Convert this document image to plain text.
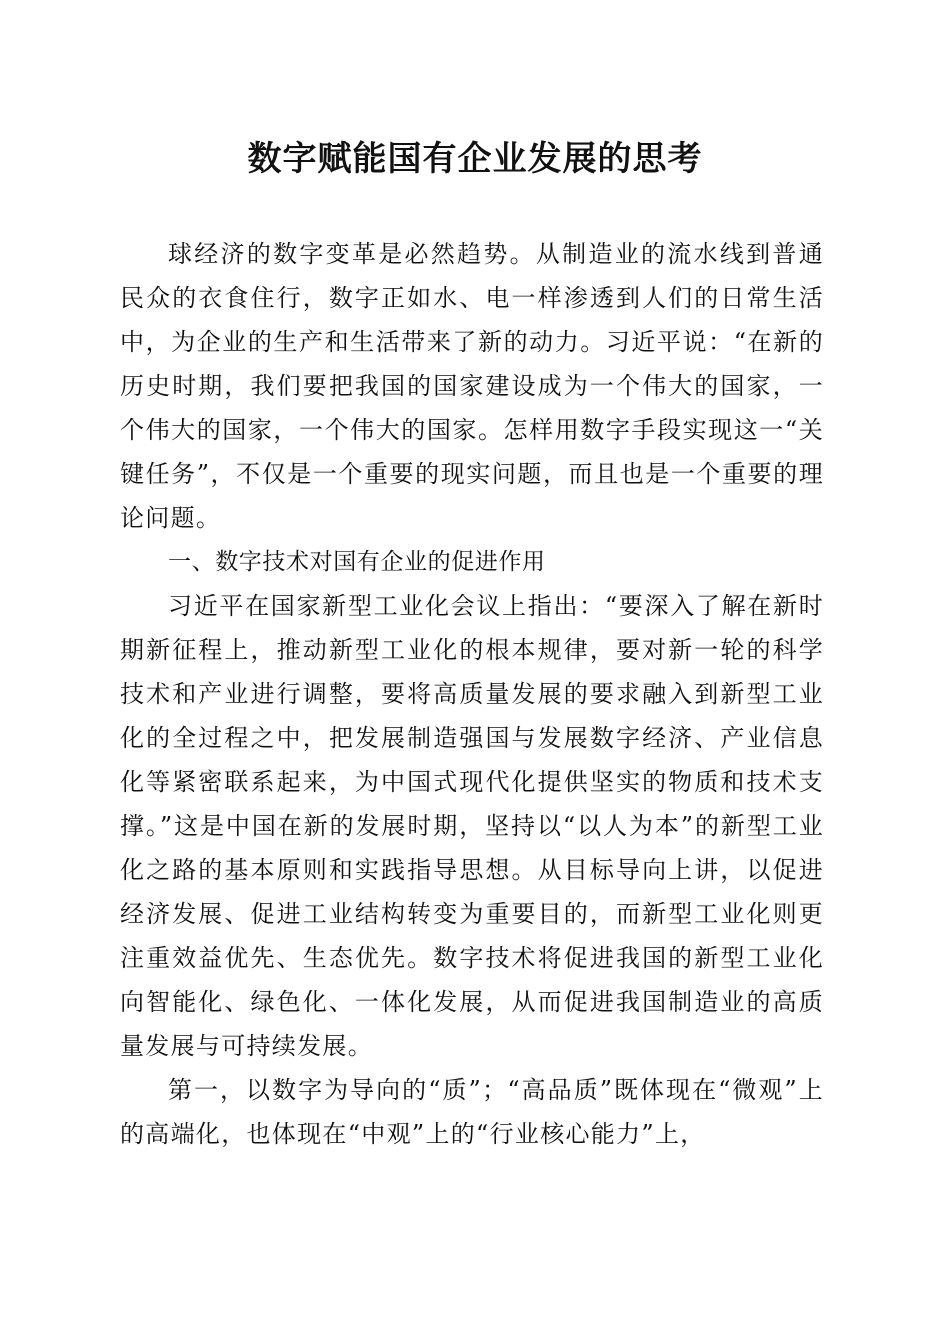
数字赋能国有企业发展的思考

球经济的数字变革是必然趋势。从制造业的流水线到普通民众的衣食住行，数字正如水、电一样渗透到人们的日常生活中，为企业的生产和生活带来了新的动力。习近平说：“在新的历史时期，我们要把我国的国家建设成为一个伟大的国家，一个伟大的国家，一个伟大的国家。怎样用数字手段实现这一“关键任务”，不仅是一个重要的现实问题，而且也是一个重要的理论问题。

一、数字技术对国有企业的促进作用

习近平在国家新型工业化会议上指出：“要深入了解在新时期新征程上，推动新型工业化的根本规律，要对新一轮的科学技术和产业进行调整，要将高质量发展的要求融入到新型工业化的全过程之中，把发展制造强国与发展数字经济、产业信息化等紧密联系起来，为中国式现代化提供坚实的物质和技术支撑。”这是中国在新的发展时期，坚持以“以人为本”的新型工业化之路的基本原则和实践指导思想。从目标导向上讲，以促进经济发展、促进工业结构转变为重要目的，而新型工业化则更注重效益优先、生态优先。数字技术将促进我国的新型工业化向智能化、绿色化、一体化发展，从而促进我国制造业的高质量发展与可持续发展。

第一，以数字为导向的“质”；“高品质”既体现在“微观”上的高端化，也体现在“中观”上的“行业核心能力”上，
